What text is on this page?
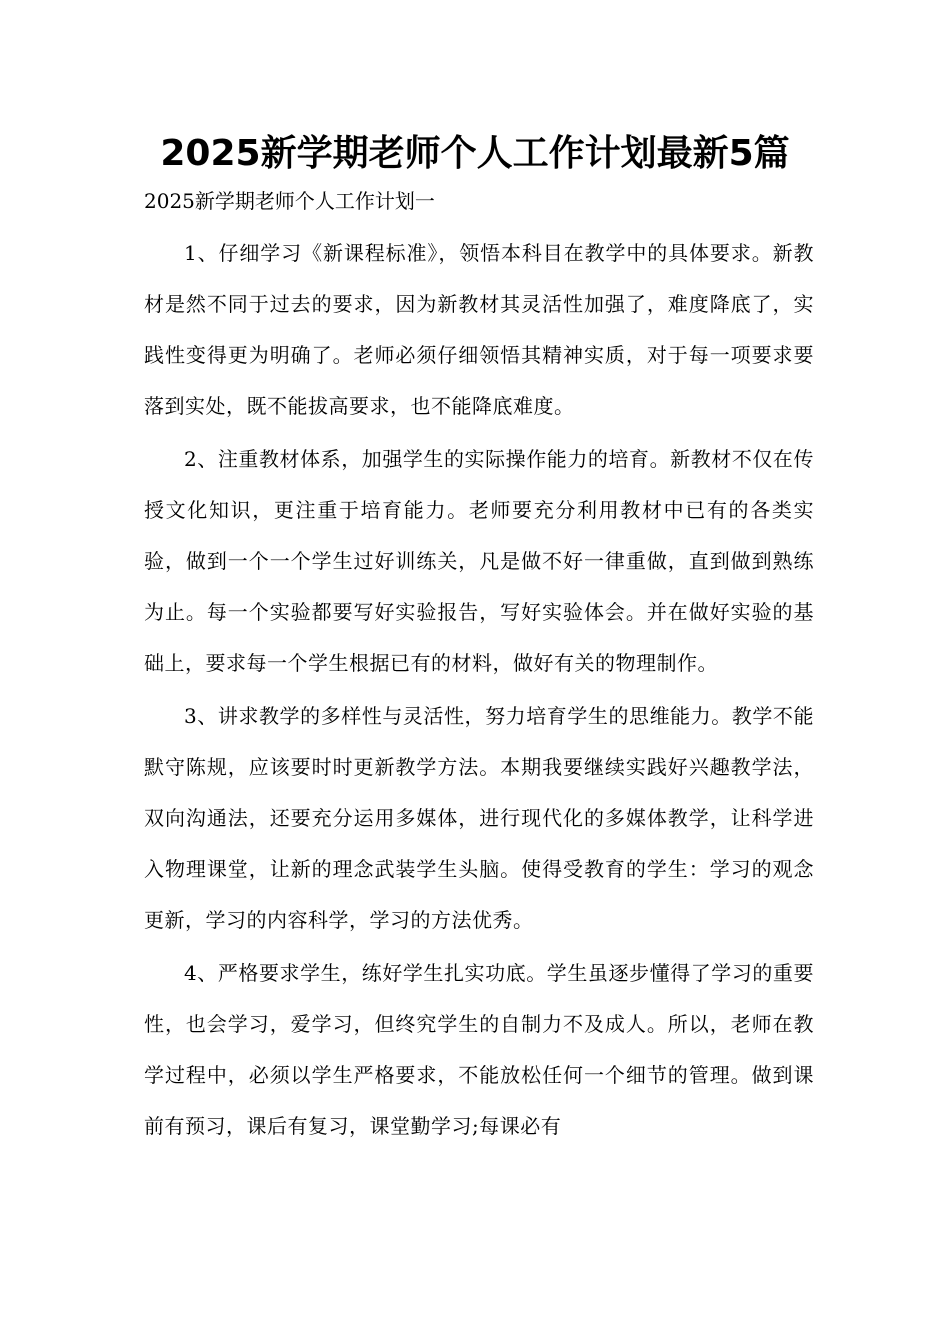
2025新学期老师个人工作计划最新5篇

2025新学期老师个人工作计划一

1、仔细学习《新课程标准》，领悟本科目在教学中的具体要求。新教材是然不同于过去的要求，因为新教材其灵活性加强了，难度降底了，实践性变得更为明确了。老师必须仔细领悟其精神实质，对于每一项要求要落到实处，既不能拔高要求，也不能降底难度。

2、注重教材体系，加强学生的实际操作能力的培育。新教材不仅在传授文化知识，更注重于培育能力。老师要充分利用教材中已有的各类实验，做到一个一个学生过好训练关，凡是做不好一律重做，直到做到熟练为止。每一个实验都要写好实验报告，写好实验体会。并在做好实验的基础上，要求每一个学生根据已有的材料，做好有关的物理制作。

3、讲求教学的多样性与灵活性，努力培育学生的思维能力。教学不能默守陈规，应该要时时更新教学方法。本期我要继续实践好兴趣教学法，双向沟通法，还要充分运用多媒体，进行现代化的多媒体教学，让科学进入物理课堂，让新的理念武装学生头脑。使得受教育的学生：学习的观念更新，学习的内容科学，学习的方法优秀。

4、严格要求学生，练好学生扎实功底。学生虽逐步懂得了学习的重要性，也会学习，爱学习，但终究学生的自制力不及成人。所以，老师在教学过程中，必须以学生严格要求，不能放松任何一个细节的管理。做到课前有预习，课后有复习，课堂勤学习;每课必有
